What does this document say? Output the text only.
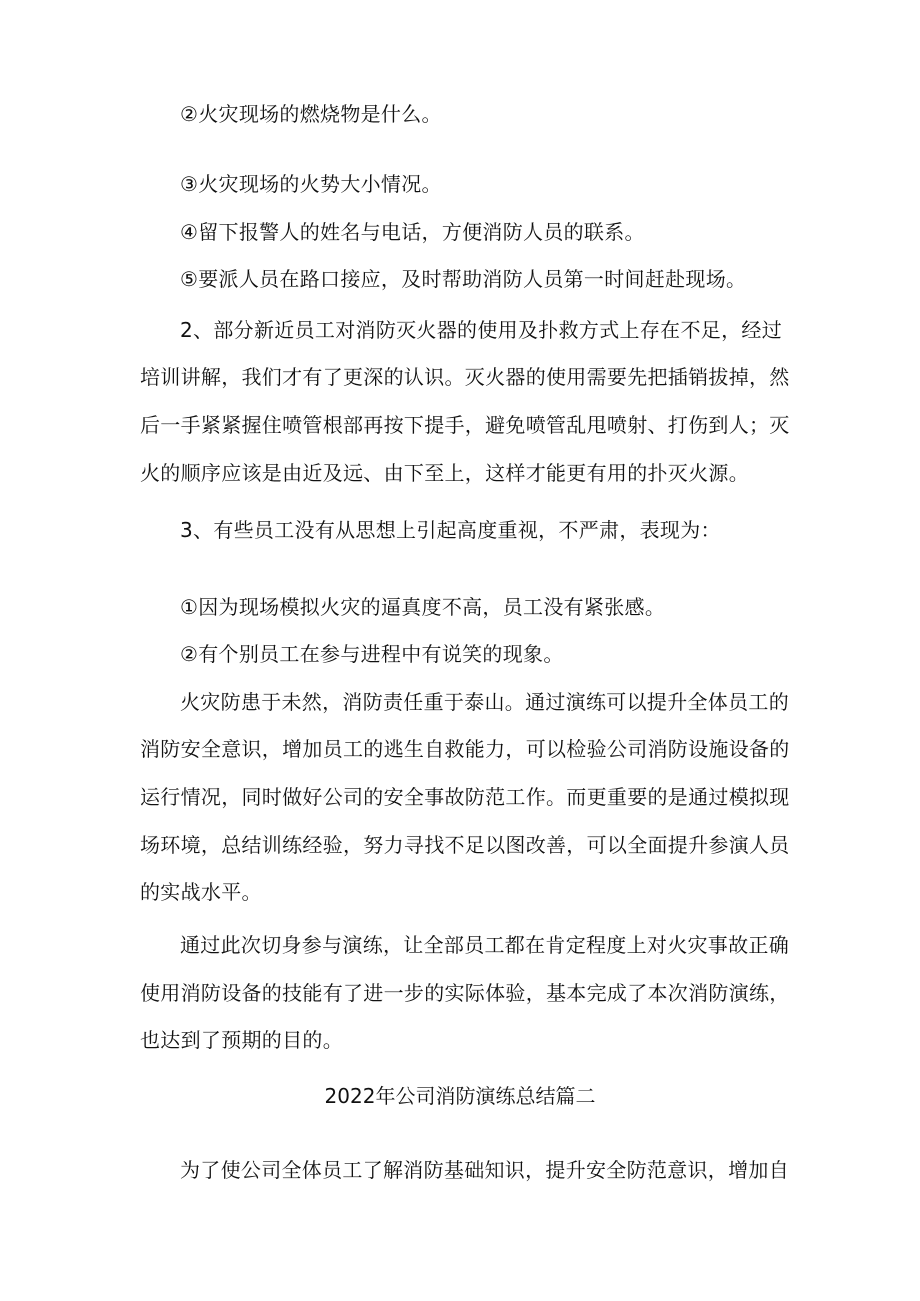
②火灾现场的燃烧物是什么。

③火灾现场的火势大小情况。

④留下报警人的姓名与电话，方便消防人员的联系。

⑤要派人员在路口接应，及时帮助消防人员第一时间赶赴现场。

2、部分新近员工对消防灭火器的使用及扑救方式上存在不足，经过

培训讲解，我们才有了更深的认识。灭火器的使用需要先把插销拔掉，然

后一手紧紧握住喷管根部再按下提手，避免喷管乱甩喷射、打伤到人；灭

火的顺序应该是由近及远、由下至上，这样才能更有用的扑灭火源。

3、有些员工没有从思想上引起高度重视，不严肃，表现为：

①因为现场模拟火灾的逼真度不高，员工没有紧张感。

②有个别员工在参与进程中有说笑的现象。

火灾防患于未然，消防责任重于泰山。通过演练可以提升全体员工的

消防安全意识，增加员工的逃生自救能力，可以检验公司消防设施设备的

运行情况，同时做好公司的安全事故防范工作。而更重要的是通过模拟现

场环境，总结训练经验，努力寻找不足以图改善，可以全面提升参演人员

的实战水平。

通过此次切身参与演练，让全部员工都在肯定程度上对火灾事故正确

使用消防设备的技能有了进一步的实际体验，基本完成了本次消防演练，

也达到了预期的目的。

2022年公司消防演练总结篇二

为了使公司全体员工了解消防基础知识，提升安全防范意识，增加自
